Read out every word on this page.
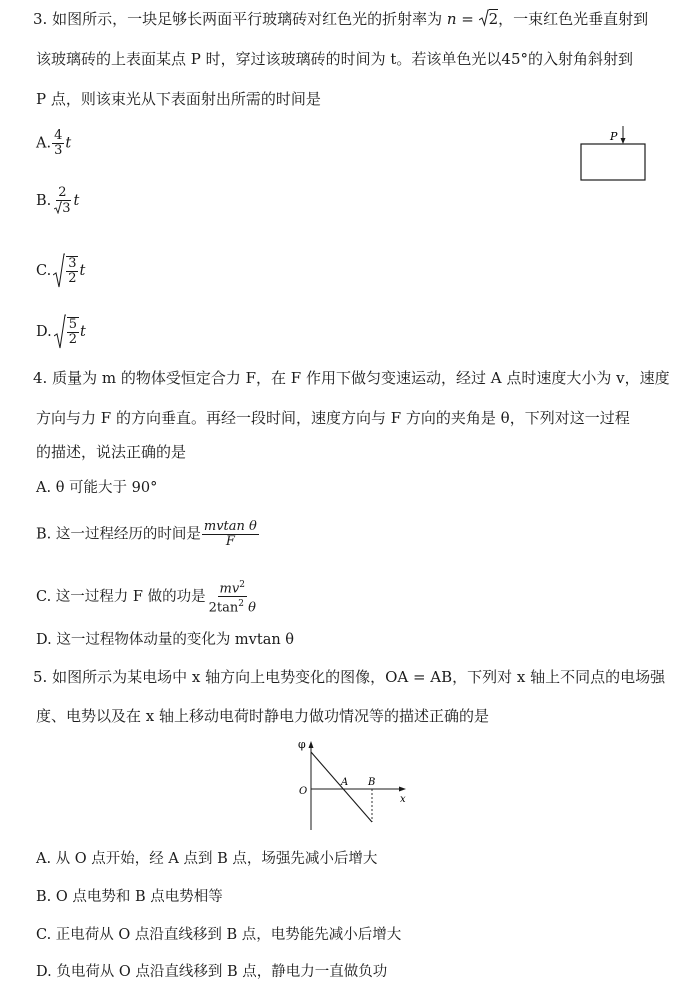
3. 如图所示，一块足够长两面平行玻璃砖对红色光的折射率为 n = 2，一束红色光垂直射到
该玻璃砖的上表面某点 P 时，穿过该玻璃砖的时间为 t。若该单色光以45°的入射角斜射到
P 点，则该束光从下表面射出所需的时间是
P
A. $\frac{4}{3}$ t
B. $\frac{2}{3}$ t
C. $\frac{3}{2}$ t
D. $\frac{5}{2}$ t
4. 质量为 m 的物体受恒定合力 F，在 F 作用下做匀变速运动，经过 A 点时速度大小为 v，速度
方向与力 F 的方向垂直。再经一段时间，速度方向与 F 方向的夹角是 θ，下列对这一过程
的描述，说法正确的是
A. θ 可能大于 90°
B. 这一过程经历的时间是 $\frac{\text{mvtan θ}}{F}$
C. 这一过程力 F 做的功是 $\frac{mv^2}{2\tan^2 \theta}$
D. 这一过程物体动量的变化为 mvtan θ
5. 如图所示为某电场中 x 轴方向上电势变化的图像，OA = AB，下列对 x 轴上不同点的电场强
度、电势以及在 x 轴上移动电荷时静电力做功情况等的描述正确的是
φ
O
A B
x
A. 从 O 点开始，经 A 点到 B 点，场强先减小后增大
B. O 点电势和 B 点电势相等
C. 正电荷从 O 点沿直线移到 B 点，电势能先减小后增大
D. 负电荷从 O 点沿直线移到 B 点，静电力一直做负功
